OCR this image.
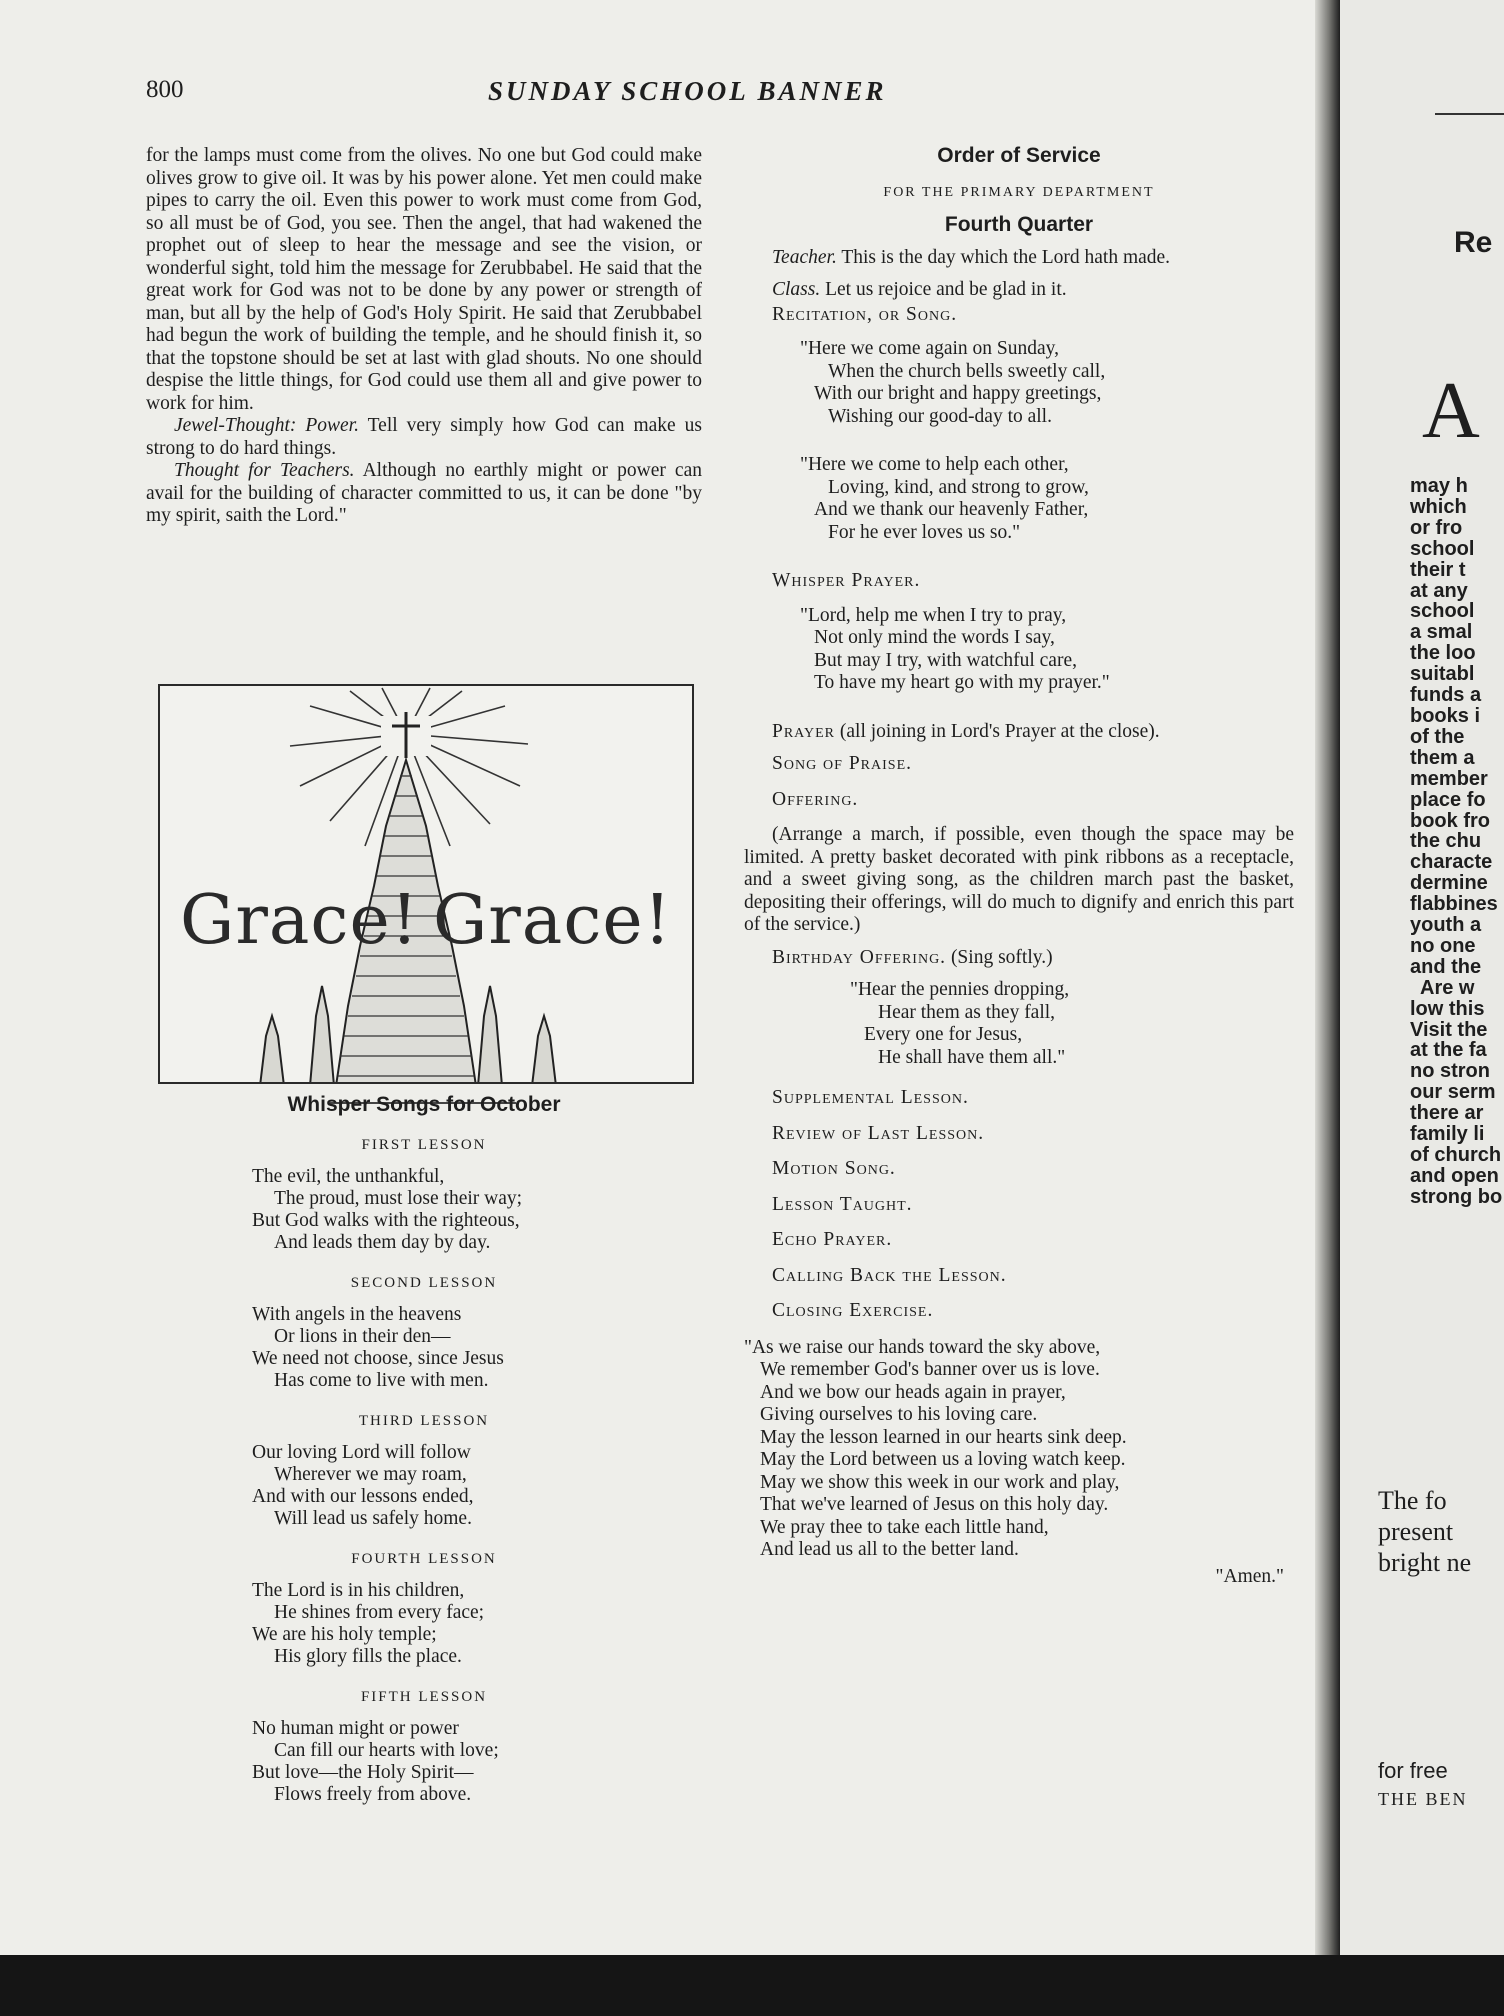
800	SUNDAY SCHOOL BANNER

for the lamps must come from the olives. No one but God could make olives grow to give oil. It was by his power alone. Yet men could make pipes to carry the oil. Even this power to work must come from God, so all must be of God, you see. Then the angel, that had wakened the prophet out of sleep to hear the message and see the vision, or wonderful sight, told him the message for Zerubbabel. He said that the great work for God was not to be done by any power or strength of man, but all by the help of God's Holy Spirit. He said that Zerubbabel had begun the work of building the temple, and he should finish it, so that the topstone should be set at last with glad shouts. No one should despise the little things, for God could use them all and give power to work for him.

Jewel-Thought: Power. Tell very simply how God can make us strong to do hard things.

Thought for Teachers. Although no earthly might or power can avail for the building of character committed to us, it can be done "by my spirit, saith the Lord."

Grace! Grace!
Whisper Songs for October
FIRST LESSON
The evil, the unthankful,
The proud, must lose their way;
But God walks with the righteous,
And leads them day by day.
SECOND LESSON
With angels in the heavens
Or lions in their den—
We need not choose, since Jesus
Has come to live with men.
THIRD LESSON
Our loving Lord will follow
Wherever we may roam,
And with our lessons ended,
Will lead us safely home.
FOURTH LESSON
The Lord is in his children,
He shines from every face;
We are his holy temple;
His glory fills the place.
FIFTH LESSON
No human might or power
Can fill our hearts with love;
But love—the Holy Spirit—
Flows freely from above.
Order of Service
FOR THE PRIMARY DEPARTMENT
Fourth Quarter

Teacher. This is the day which the Lord hath made.

Class. Let us rejoice and be glad in it.

Recitation, or Song.
"Here we come again on Sunday,
When the church bells sweetly call,
With our bright and happy greetings,
Wishing our good-day to all.
"Here we come to help each other,
Loving, kind, and strong to grow,
And we thank our heavenly Father,
For he ever loves us so."
Whisper Prayer.
"Lord, help me when I try to pray,
Not only mind the words I say,
But may I try, with watchful care,
To have my heart go with my prayer."

Prayer (all joining in Lord's Prayer at the close).

Song of Praise.
Offering.

(Arrange a march, if possible, even though the space may be limited. A pretty basket decorated with pink ribbons as a receptacle, and a sweet giving song, as the children march past the basket, depositing their offerings, will do much to dignify and enrich this part of the service.)

Birthday Offering. (Sing softly.)

"Hear the pennies dropping,
Hear them as they fall,
Every one for Jesus,
He shall have them all."
Supplemental Lesson.
Review of Last Lesson.
Motion Song.
Lesson Taught.
Echo Prayer.
Calling Back the Lesson.
Closing Exercise.
"As we raise our hands toward the sky above,
We remember God's banner over us is love.
And we bow our heads again in prayer,
Giving ourselves to his loving care.
May the lesson learned in our hearts sink deep.
May the Lord between us a loving watch keep.
May we show this week in our work and play,
That we've learned of Jesus on this holy day.
We pray thee to take each little hand,
And lead us all to the better land.
"Amen."
Re
A
may h
which
or fro
school
their t
at any
school
a smal
the loo
suitabl
funds a
books i
of the
them a
member
place fo
book fro
the chu
characte
dermine
flabbines
youth a
no one
and the
Are w
low this
Visit the
at the fa
no stron
our serm
there ar
family li
of church
and open
strong bo
The fo
present
bright ne
for free
THE BEN
